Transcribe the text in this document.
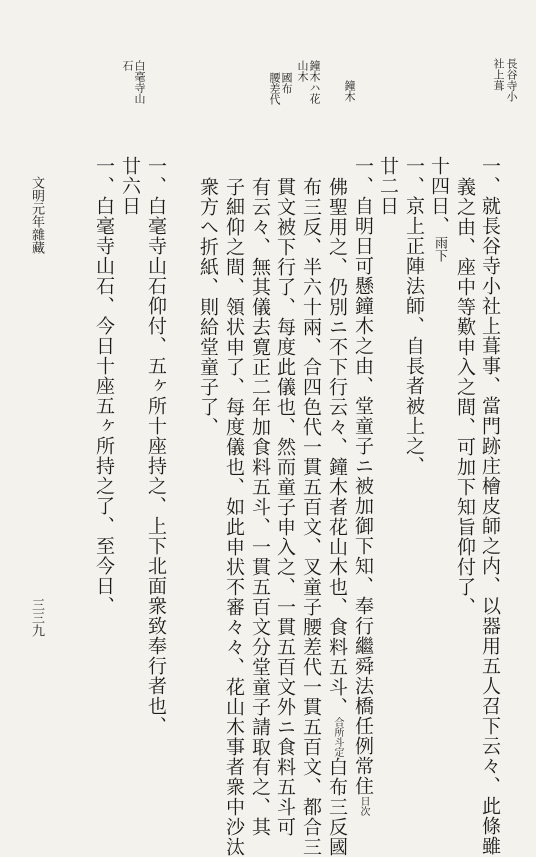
長谷寺小
社上葺
鐘木
鐘木ハ花
山木
國布
腰差代
白毫寺山
石
一、就長谷寺小社上葺事、當門跡庄檜皮師之内、以器用五人召下云々、此條雖
義之由、座中等歎申入之間、可加下知旨仰付了、
十四日、雨下
一、京上正陣法師、自長者被上之、
廿二日
一、自明日可懸鐘木之由、堂童子ニ被加御下知、奉行繼舜法橋任例常住日次
佛聖用之、仍別ニ不下行云々、鐘木者花山木也、食料五斗、合所斗定白布三反國
布三反、半六十兩、合四色代一貫五百文、叉童子腰差代一貫五百文、都合三
貫文被下行了、每度此儀也、然而童子申入之、一貫五百文外ニ食料五斗可
有云々、無其儀去寛正二年加食料五斗、一貫五百文分堂童子請取有之、其
子細仰之間、領状申了、每度儀也、如此申状不審々々、花山木事者衆中沙汰
衆方へ折紙、則給堂童子了、
一、白毫寺山石仰付、五ヶ所十座持之、上下北面衆致奉行者也、
廿六日
一、白毫寺山石、今日十座五ヶ所持之了、至今日、
文明元年雜藏
三三九
